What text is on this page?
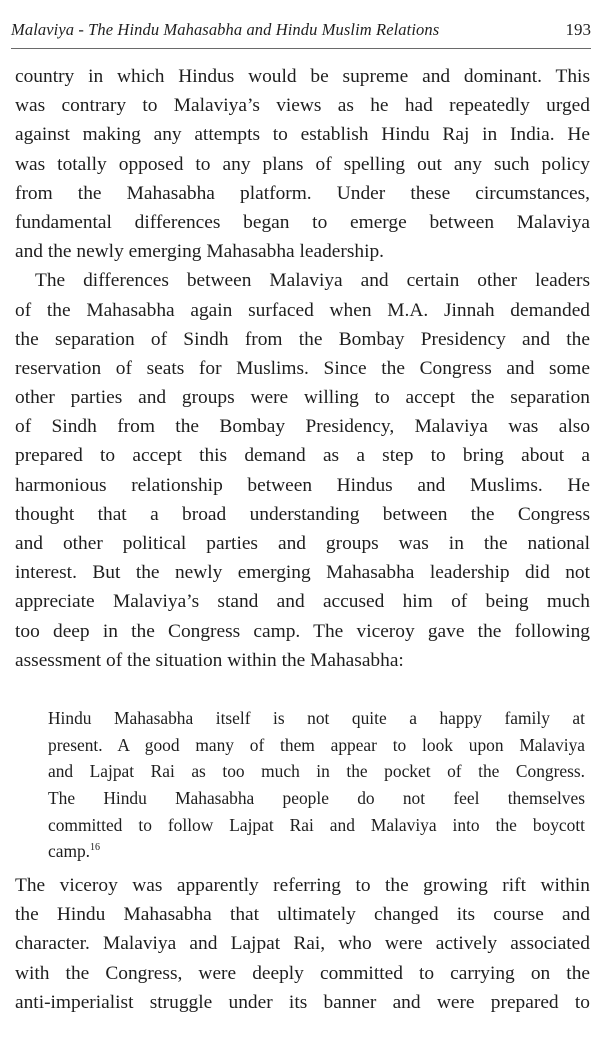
Malaviya - The Hindu Mahasabha and Hindu Muslim Relations	193
country in which Hindus would be supreme and dominant. This
was contrary to Malaviya’s views as he had repeatedly urged
against making any attempts to establish Hindu Raj in India. He
was totally opposed to any plans of spelling out any such policy
from the Mahasabha platform. Under these circumstances,
fundamental differences began to emerge between Malaviya
and the newly emerging Mahasabha leadership.
The differences between Malaviya and certain other leaders
of the Mahasabha again surfaced when M.A. Jinnah demanded
the separation of Sindh from the Bombay Presidency and the
reservation of seats for Muslims. Since the Congress and some
other parties and groups were willing to accept the separation
of Sindh from the Bombay Presidency, Malaviya was also
prepared to accept this demand as a step to bring about a
harmonious relationship between Hindus and Muslims. He
thought that a broad understanding between the Congress
and other political parties and groups was in the national
interest. But the newly emerging Mahasabha leadership did not
appreciate Malaviya’s stand and accused him of being much
too deep in the Congress camp. The viceroy gave the following
assessment of the situation within the Mahasabha:
Hindu Mahasabha itself is not quite a happy family at
present. A good many of them appear to look upon Malaviya
and Lajpat Rai as too much in the pocket of the Congress.
The Hindu Mahasabha people do not feel themselves
committed to follow Lajpat Rai and Malaviya into the boycott
camp.$^{16}$
The viceroy was apparently referring to the growing rift within
the Hindu Mahasabha that ultimately changed its course and
character. Malaviya and Lajpat Rai, who were actively associated
with the Congress, were deeply committed to carrying on the
anti-imperialist struggle under its banner and were prepared to
